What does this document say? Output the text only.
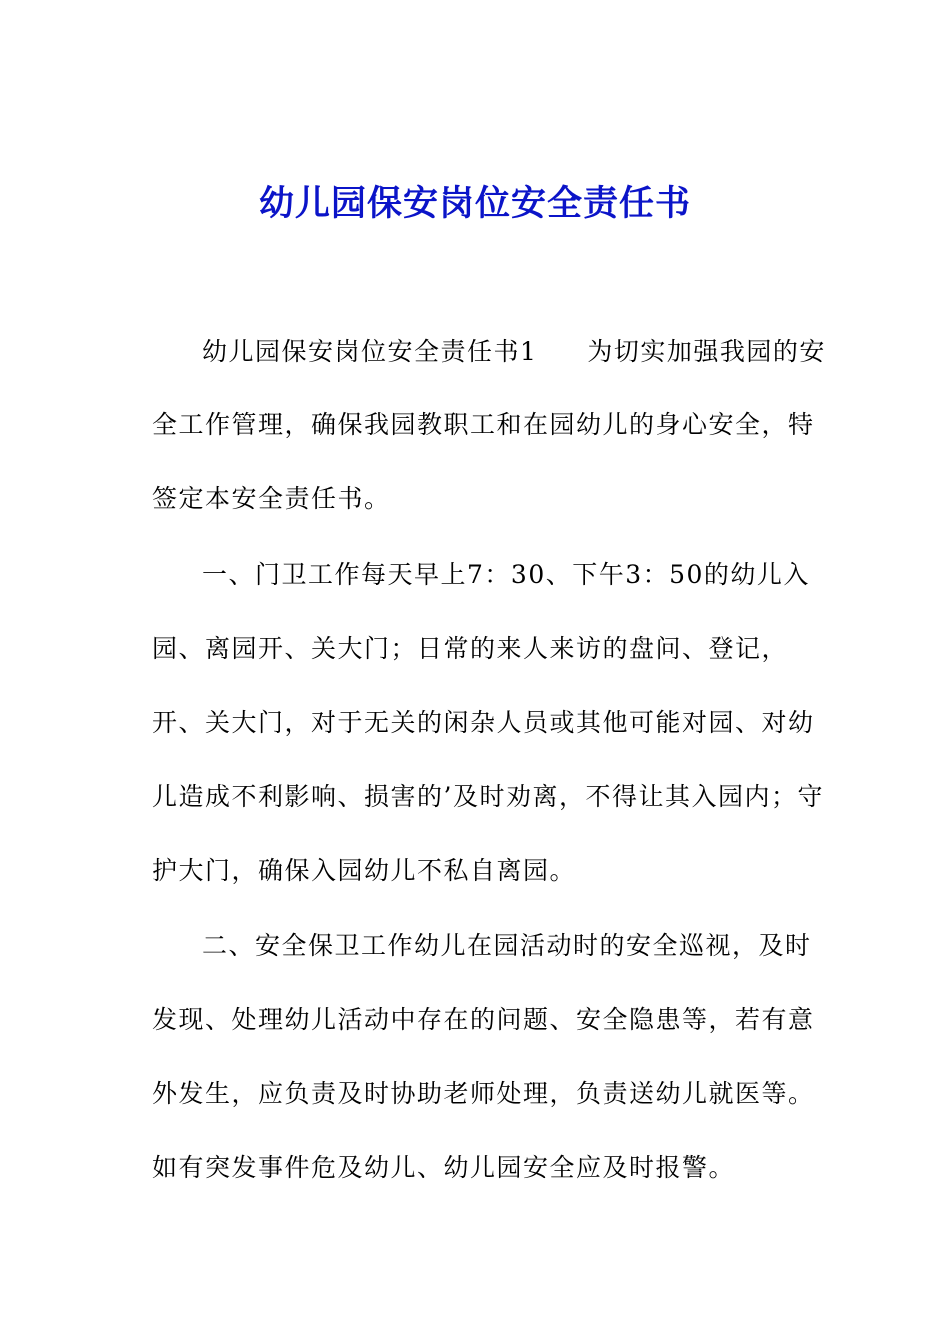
幼儿园保安岗位安全责任书

幼儿园保安岗位安全责任书1 为切实加强我园的安

全工作管理，确保我园教职工和在园幼儿的身心安全，特

签定本安全责任书。

一、门卫工作每天早上7：30、下午3：50的幼儿入

园、离园开、关大门；日常的来人来访的盘问、登记，

开、关大门，对于无关的闲杂人员或其他可能对园、对幼

儿造成不利影响、损害的’及时劝离，不得让其入园内；守

护大门，确保入园幼儿不私自离园。

二、安全保卫工作幼儿在园活动时的安全巡视，及时

发现、处理幼儿活动中存在的问题、安全隐患等，若有意

外发生，应负责及时协助老师处理，负责送幼儿就医等。

如有突发事件危及幼儿、幼儿园安全应及时报警。
